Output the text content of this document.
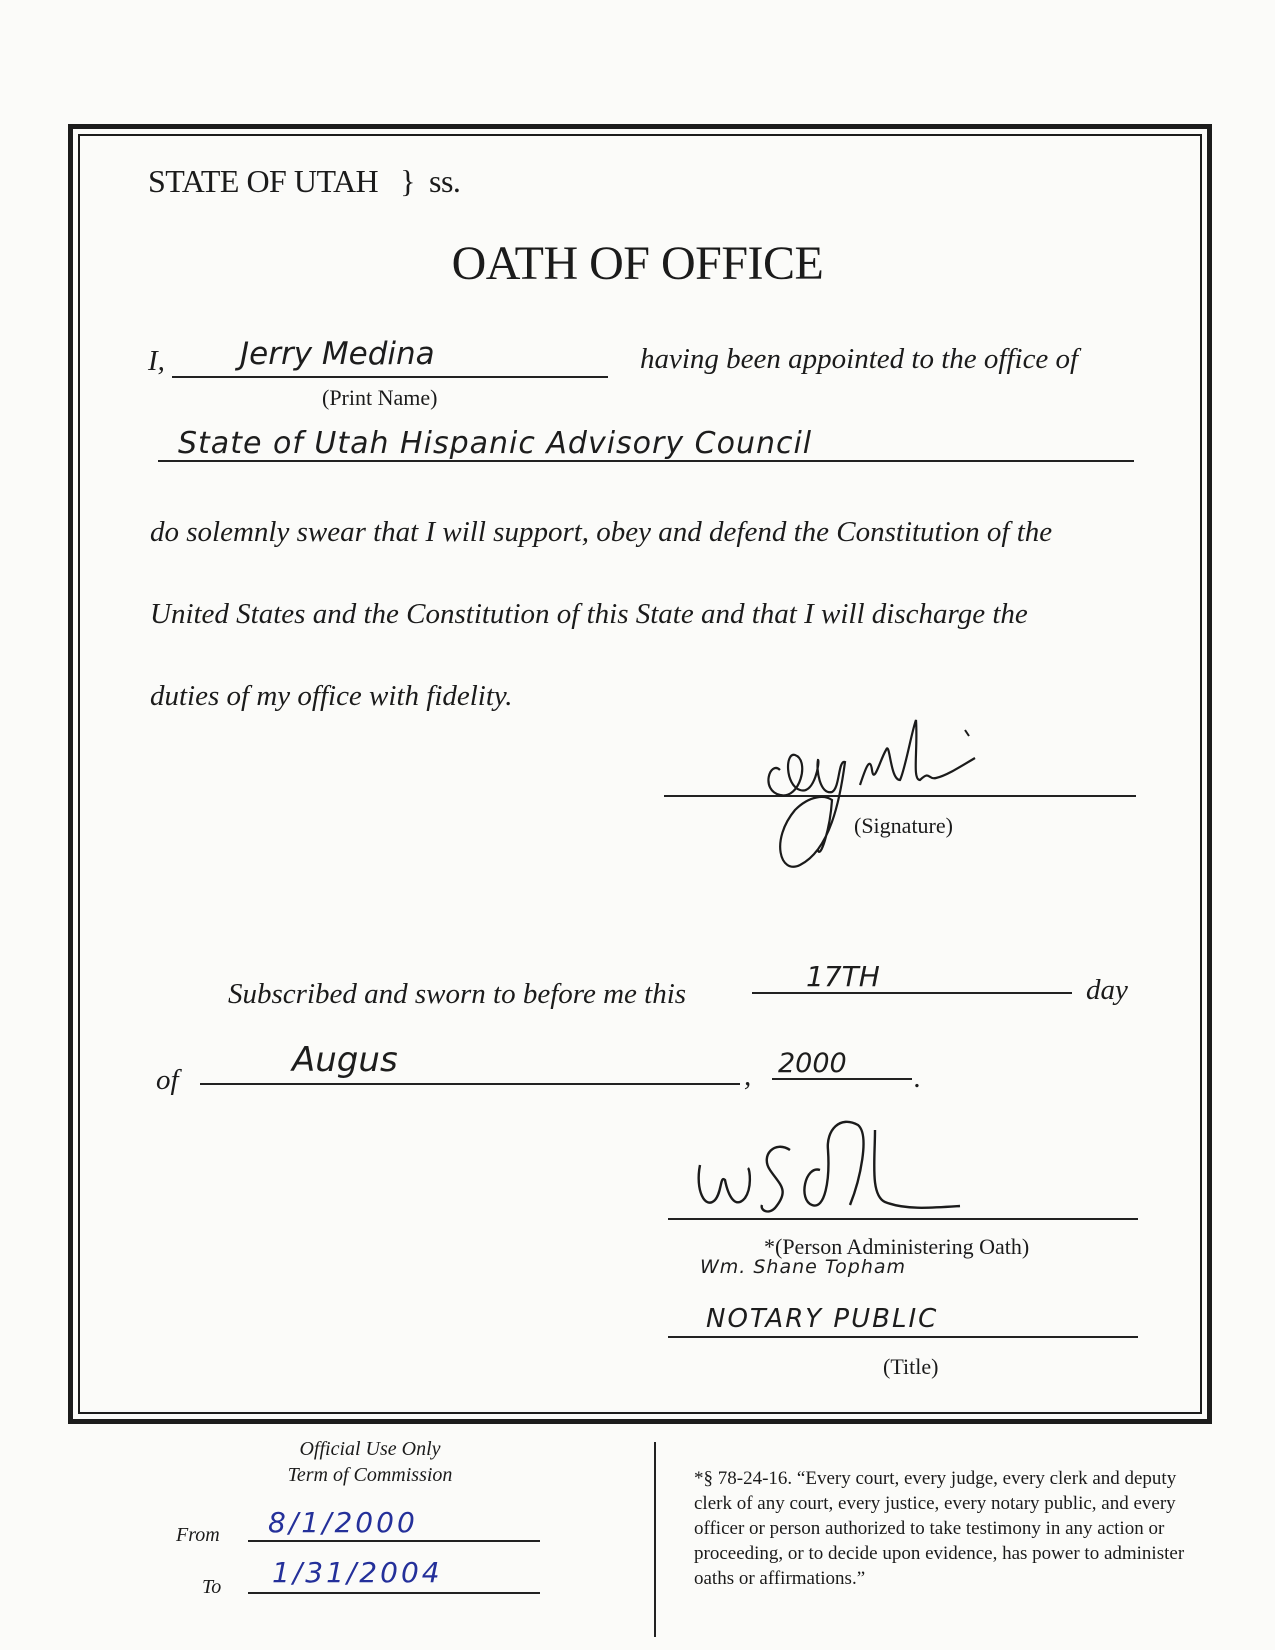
STATE OF UTAH } ss.
OATH OF OFFICE
I, Jerry Medina
(Print Name)
having been appointed to the office of
State of Utah Hispanic Advisory Council
do solemnly swear that I will support, obey and defend the Constitution of the
United States and the Constitution of this State and that I will discharge the
duties of my office with fidelity.
(Signature)
Subscribed and sworn to before me this
17TH	day
of	Augus	, 2000 .
*(Person Administering Oath)
Wm. Shane Topham
NOTARY PUBLIC
(Title)
Official Use Only
Term of Commission
From 8/1/2000
To 1/31/2004
*§ 78-24-16. “Every court, every judge, every clerk and deputy clerk of any court, every justice, every notary public, and every officer or person authorized to take testimony in any action or proceeding, or to decide upon evidence, has power to administer oaths or affirmations.”
